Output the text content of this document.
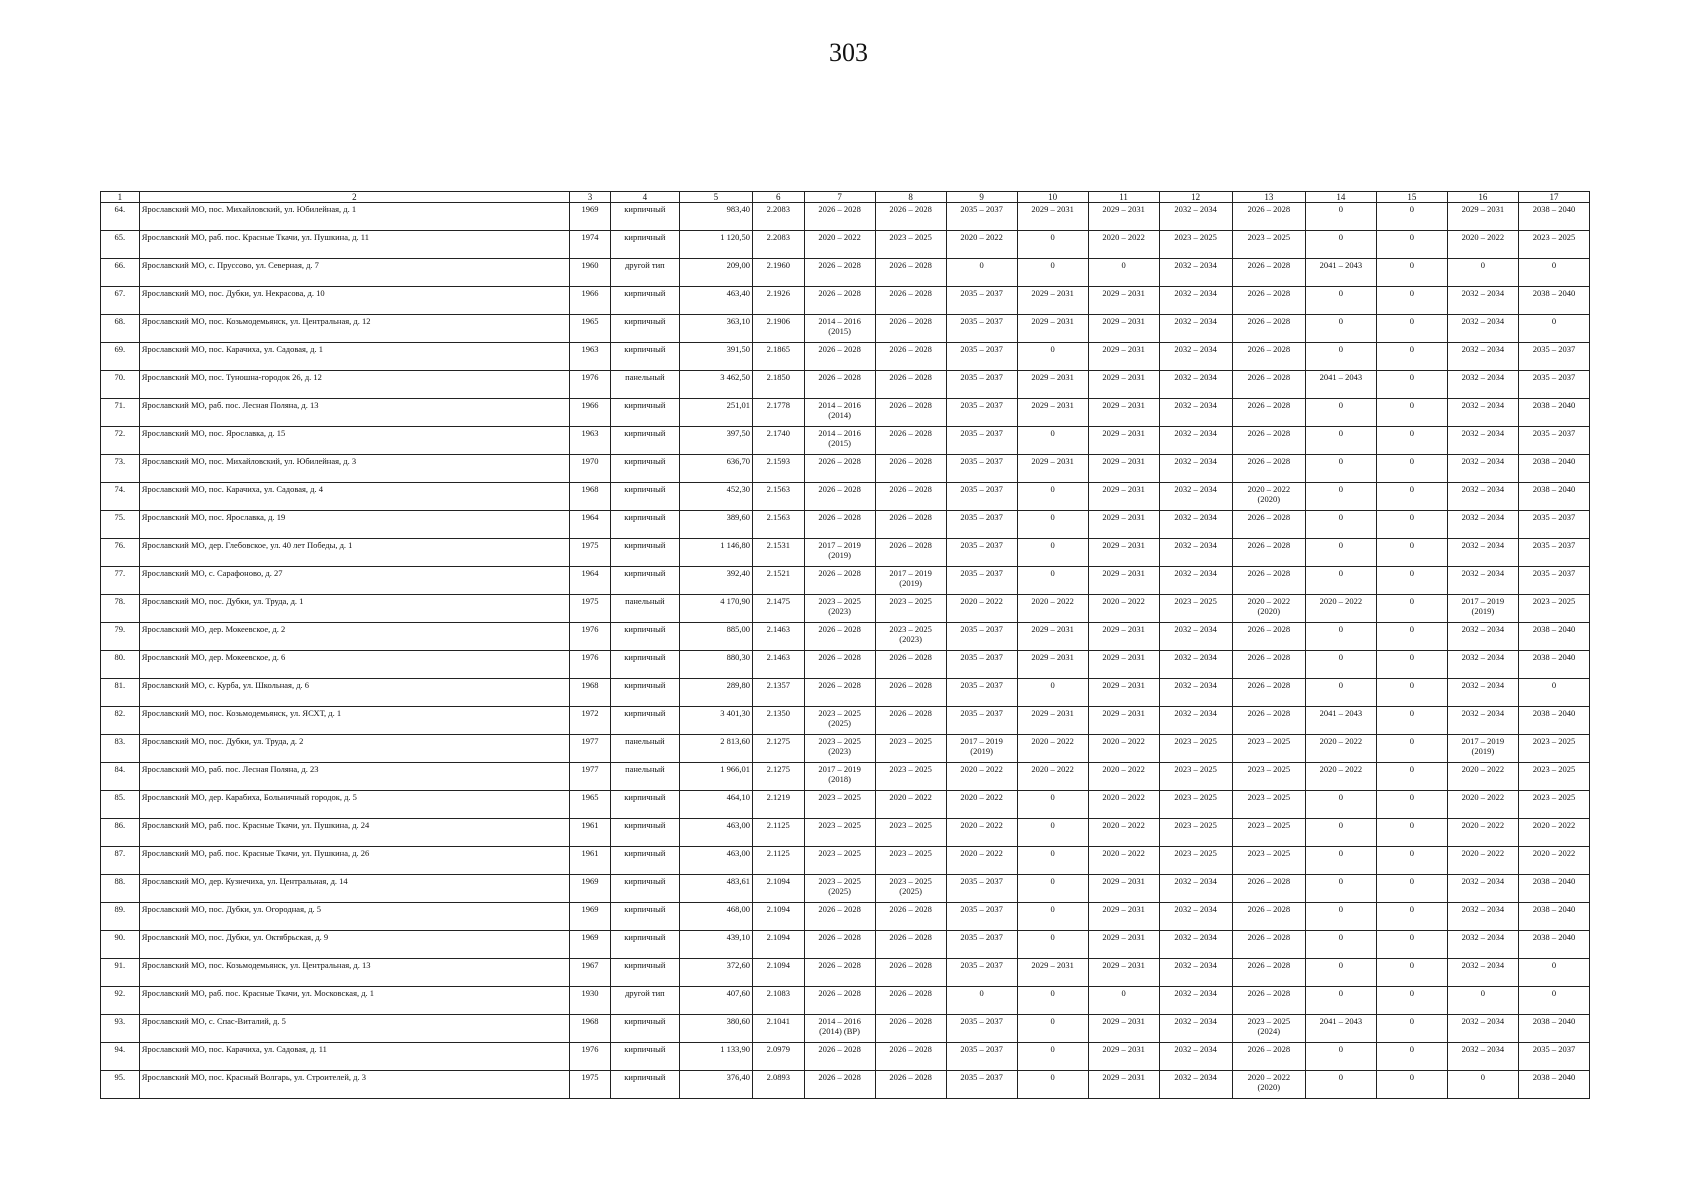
303
1	2	3	4	5	6	7	8	9	10	11	12	13	14	15	16	17

64.	Ярославский МО, пос. Михайловский, ул. Юбилейная, д. 1	1969	кирпичный	983,40	2.2083	2026 – 2028	2026 – 2028	2035 – 2037	2029 – 2031	2029 – 2031	2032 – 2034	2026 – 2028	0	0	2029 – 2031	2038 – 2040

65.	Ярославский МО, раб. пос. Красные Ткачи, ул. Пушкина, д. 11	1974	кирпичный	1 120,50	2.2083	2020 – 2022	2023 – 2025	2020 – 2022	0	2020 – 2022	2023 – 2025	2023 – 2025	0	0	2020 – 2022	2023 – 2025

66.	Ярославский МО, с. Пруссово, ул. Северная, д. 7	1960	другой тип	209,00	2.1960	2026 – 2028	2026 – 2028	0	0	0	2032 – 2034	2026 – 2028	2041 – 2043	0	0	0

67.	Ярославский МО, пос. Дубки, ул. Некрасова, д. 10	1966	кирпичный	463,40	2.1926	2026 – 2028	2026 – 2028	2035 – 2037	2029 – 2031	2029 – 2031	2032 – 2034	2026 – 2028	0	0	2032 – 2034	2038 – 2040

68.	Ярославский МО, пос. Козьмодемьянск, ул. Центральная, д. 12	1965	кирпичный	363,10	2.1906	2014 – 2016
(2015)	2026 – 2028	2035 – 2037	2029 – 2031	2029 – 2031	2032 – 2034	2026 – 2028	0	0	2032 – 2034	0

69.	Ярославский МО, пос. Карачиха, ул. Садовая, д. 1	1963	кирпичный	391,50	2.1865	2026 – 2028	2026 – 2028	2035 – 2037	0	2029 – 2031	2032 – 2034	2026 – 2028	0	0	2032 – 2034	2035 – 2037

70.	Ярославский МО, пос. Туношна-городок 26, д. 12	1976	панельный	3 462,50	2.1850	2026 – 2028	2026 – 2028	2035 – 2037	2029 – 2031	2029 – 2031	2032 – 2034	2026 – 2028	2041 – 2043	0	2032 – 2034	2035 – 2037

71.	Ярославский МО, раб. пос. Лесная Поляна, д. 13	1966	кирпичный	251,01	2.1778	2014 – 2016
(2014)	2026 – 2028	2035 – 2037	2029 – 2031	2029 – 2031	2032 – 2034	2026 – 2028	0	0	2032 – 2034	2038 – 2040

72.	Ярославский МО, пос. Ярославка, д. 15	1963	кирпичный	397,50	2.1740	2014 – 2016
(2015)	2026 – 2028	2035 – 2037	0	2029 – 2031	2032 – 2034	2026 – 2028	0	0	2032 – 2034	2035 – 2037

73.	Ярославский МО, пос. Михайловский, ул. Юбилейная, д. 3	1970	кирпичный	636,70	2.1593	2026 – 2028	2026 – 2028	2035 – 2037	2029 – 2031	2029 – 2031	2032 – 2034	2026 – 2028	0	0	2032 – 2034	2038 – 2040

74.	Ярославский МО, пос. Карачиха, ул. Садовая, д. 4	1968	кирпичный	452,30	2.1563	2026 – 2028	2026 – 2028	2035 – 2037	0	2029 – 2031	2032 – 2034	2020 – 2022
(2020)	0	0	2032 – 2034	2038 – 2040

75.	Ярославский МО, пос. Ярославка, д. 19	1964	кирпичный	389,60	2.1563	2026 – 2028	2026 – 2028	2035 – 2037	0	2029 – 2031	2032 – 2034	2026 – 2028	0	0	2032 – 2034	2035 – 2037

76.	Ярославский МО, дер. Глебовское, ул. 40 лет Победы, д. 1	1975	кирпичный	1 146,80	2.1531	2017 – 2019
(2019)	2026 – 2028	2035 – 2037	0	2029 – 2031	2032 – 2034	2026 – 2028	0	0	2032 – 2034	2035 – 2037

77.	Ярославский МО, с. Сарафоново, д. 27	1964	кирпичный	392,40	2.1521	2026 – 2028	2017 – 2019
(2019)	2035 – 2037	0	2029 – 2031	2032 – 2034	2026 – 2028	0	0	2032 – 2034	2035 – 2037

78.	Ярославский МО, пос. Дубки, ул. Труда, д. 1	1975	панельный	4 170,90	2.1475	2023 – 2025
(2023)	2023 – 2025	2020 – 2022	2020 – 2022	2020 – 2022	2023 – 2025	2020 – 2022
(2020)	2020 – 2022	0	2017 – 2019
(2019)	2023 – 2025

79.	Ярославский МО, дер. Мокеевское, д. 2	1976	кирпичный	885,00	2.1463	2026 – 2028	2023 – 2025
(2023)	2035 – 2037	2029 – 2031	2029 – 2031	2032 – 2034	2026 – 2028	0	0	2032 – 2034	2038 – 2040

80.	Ярославский МО, дер. Мокеевское, д. 6	1976	кирпичный	880,30	2.1463	2026 – 2028	2026 – 2028	2035 – 2037	2029 – 2031	2029 – 2031	2032 – 2034	2026 – 2028	0	0	2032 – 2034	2038 – 2040

81.	Ярославский МО, с. Курба, ул. Школьная, д. 6	1968	кирпичный	289,80	2.1357	2026 – 2028	2026 – 2028	2035 – 2037	0	2029 – 2031	2032 – 2034	2026 – 2028	0	0	2032 – 2034	0

82.	Ярославский МО, пос. Козьмодемьянск, ул. ЯСХТ, д. 1	1972	кирпичный	3 401,30	2.1350	2023 – 2025
(2025)	2026 – 2028	2035 – 2037	2029 – 2031	2029 – 2031	2032 – 2034	2026 – 2028	2041 – 2043	0	2032 – 2034	2038 – 2040

83.	Ярославский МО, пос. Дубки, ул. Труда, д. 2	1977	панельный	2 813,60	2.1275	2023 – 2025
(2023)	2023 – 2025	2017 – 2019
(2019)	2020 – 2022	2020 – 2022	2023 – 2025	2023 – 2025	2020 – 2022	0	2017 – 2019
(2019)	2023 – 2025

84.	Ярославский МО, раб. пос. Лесная Поляна, д. 23	1977	панельный	1 966,01	2.1275	2017 – 2019
(2018)	2023 – 2025	2020 – 2022	2020 – 2022	2020 – 2022	2023 – 2025	2023 – 2025	2020 – 2022	0	2020 – 2022	2023 – 2025

85.	Ярославский МО, дер. Карабиха, Больничный городок, д. 5	1965	кирпичный	464,10	2.1219	2023 – 2025	2020 – 2022	2020 – 2022	0	2020 – 2022	2023 – 2025	2023 – 2025	0	0	2020 – 2022	2023 – 2025

86.	Ярославский МО, раб. пос. Красные Ткачи, ул. Пушкина, д. 24	1961	кирпичный	463,00	2.1125	2023 – 2025	2023 – 2025	2020 – 2022	0	2020 – 2022	2023 – 2025	2023 – 2025	0	0	2020 – 2022	2020 – 2022

87.	Ярославский МО, раб. пос. Красные Ткачи, ул. Пушкина, д. 26	1961	кирпичный	463,00	2.1125	2023 – 2025	2023 – 2025	2020 – 2022	0	2020 – 2022	2023 – 2025	2023 – 2025	0	0	2020 – 2022	2020 – 2022

88.	Ярославский МО, дер. Кузнечиха, ул. Центральная, д. 14	1969	кирпичный	483,61	2.1094	2023 – 2025
(2025)	2023 – 2025
(2025)	2035 – 2037	0	2029 – 2031	2032 – 2034	2026 – 2028	0	0	2032 – 2034	2038 – 2040

89.	Ярославский МО, пос. Дубки, ул. Огородная, д. 5	1969	кирпичный	468,00	2.1094	2026 – 2028	2026 – 2028	2035 – 2037	0	2029 – 2031	2032 – 2034	2026 – 2028	0	0	2032 – 2034	2038 – 2040

90.	Ярославский МО, пос. Дубки, ул. Октябрьская, д. 9	1969	кирпичный	439,10	2.1094	2026 – 2028	2026 – 2028	2035 – 2037	0	2029 – 2031	2032 – 2034	2026 – 2028	0	0	2032 – 2034	2038 – 2040

91.	Ярославский МО, пос. Козьмодемьянск, ул. Центральная, д. 13	1967	кирпичный	372,60	2.1094	2026 – 2028	2026 – 2028	2035 – 2037	2029 – 2031	2029 – 2031	2032 – 2034	2026 – 2028	0	0	2032 – 2034	0

92.	Ярославский МО, раб. пос. Красные Ткачи, ул. Московская, д. 1	1930	другой тип	407,60	2.1083	2026 – 2028	2026 – 2028	0	0	0	2032 – 2034	2026 – 2028	0	0	0	0

93.	Ярославский МО, с. Спас-Виталий, д. 5	1968	кирпичный	380,60	2.1041	2014 – 2016
(2014) (ВР)	2026 – 2028	2035 – 2037	0	2029 – 2031	2032 – 2034	2023 – 2025
(2024)	2041 – 2043	0	2032 – 2034	2038 – 2040

94.	Ярославский МО, пос. Карачиха, ул. Садовая, д. 11	1976	кирпичный	1 133,90	2.0979	2026 – 2028	2026 – 2028	2035 – 2037	0	2029 – 2031	2032 – 2034	2026 – 2028	0	0	2032 – 2034	2035 – 2037

95.	Ярославский МО, пос. Красный Волгарь, ул. Строителей, д. 3	1975	кирпичный	376,40	2.0893	2026 – 2028	2026 – 2028	2035 – 2037	0	2029 – 2031	2032 – 2034	2020 – 2022
(2020)	0	0	0	2038 – 2040
